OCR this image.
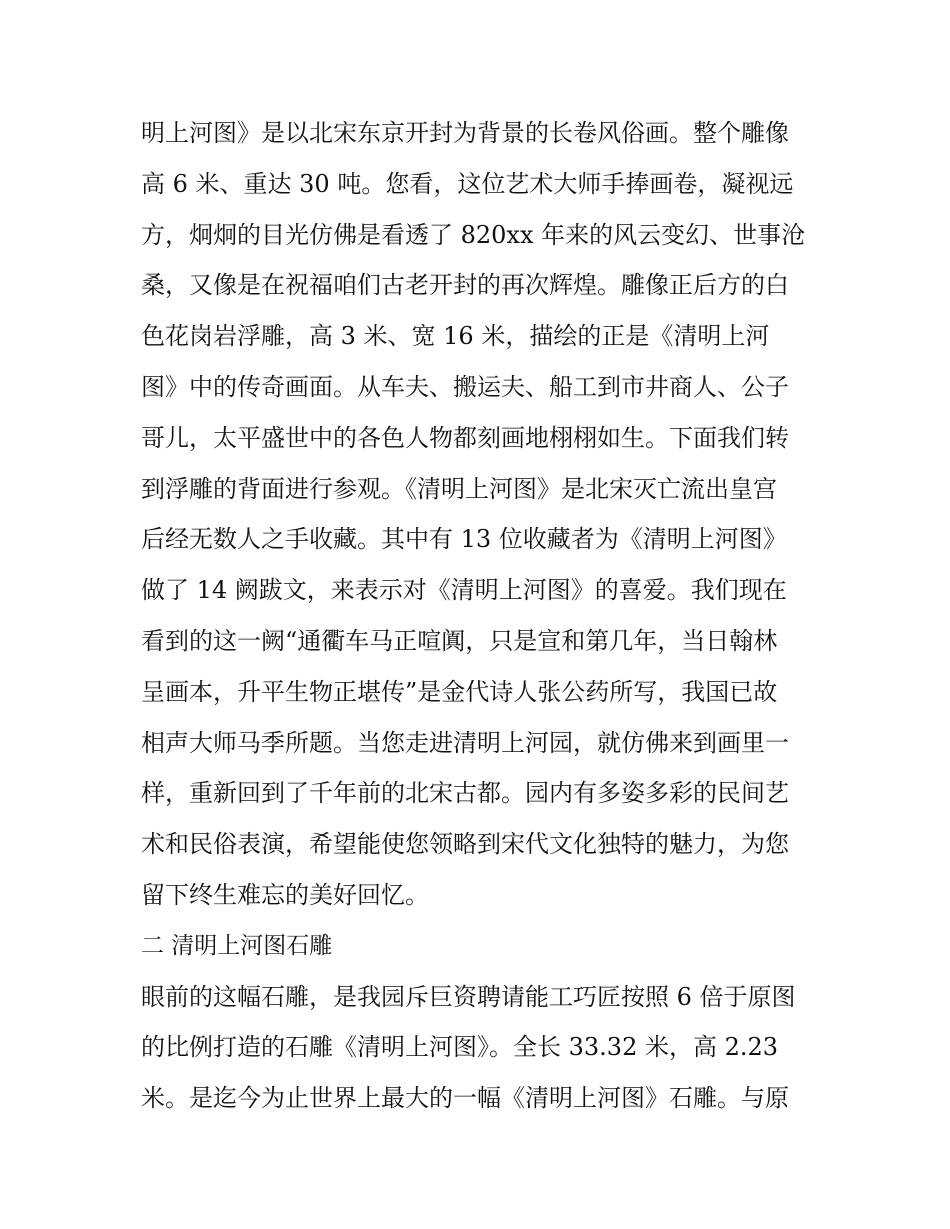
明上河图》是以北宋东京开封为背景的长卷风俗画。整个雕像
高 6 米、重达 30 吨。您看，这位艺术大师手捧画卷，凝视远
方，炯炯的目光仿佛是看透了 820xx 年来的风云变幻、世事沧
桑，又像是在祝福咱们古老开封的再次辉煌。雕像正后方的白
色花岗岩浮雕，高 3 米、宽 16 米，描绘的正是《清明上河
图》中的传奇画面。从车夫、搬运夫、船工到市井商人、公子
哥儿，太平盛世中的各色人物都刻画地栩栩如生。下面我们转
到浮雕的背面进行参观。《清明上河图》是北宋灭亡流出皇宫
后经无数人之手收藏。其中有 13 位收藏者为《清明上河图》
做了 14 阙跋文，来表示对《清明上河图》的喜爱。我们现在
看到的这一阙“通衢车马正喧阗，只是宣和第几年，当日翰林
呈画本，升平生物正堪传”是金代诗人张公药所写，我国已故
相声大师马季所题。当您走进清明上河园，就仿佛来到画里一
样，重新回到了千年前的北宋古都。园内有多姿多彩的民间艺
术和民俗表演，希望能使您领略到宋代文化独特的魅力，为您
留下终生难忘的美好回忆。
二 清明上河图石雕
眼前的这幅石雕，是我园斥巨资聘请能工巧匠按照 6 倍于原图
的比例打造的石雕《清明上河图》。全长 33.32 米，高 2.23
米。是迄今为止世界上最大的一幅《清明上河图》石雕。与原
